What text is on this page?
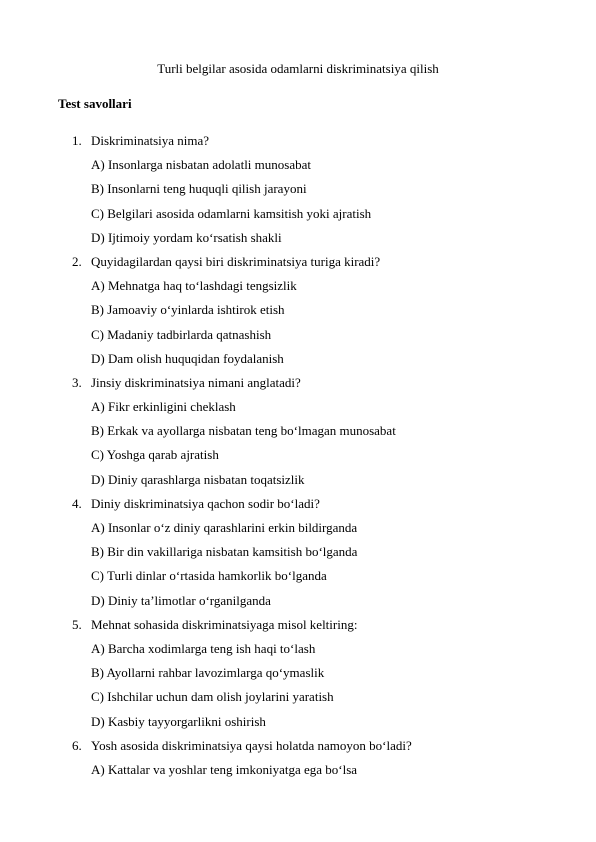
Turli belgilar asosida odamlarni diskriminatsiya qilish
Test savollari
1. Diskriminatsiya nima?
A) Insonlarga nisbatan adolatli munosabat
B) Insonlarni teng huquqli qilish jarayoni
C) Belgilari asosida odamlarni kamsitish yoki ajratish
D) Ijtimoiy yordam ko‘rsatish shakli
2. Quyidagilardan qaysi biri diskriminatsiya turiga kiradi?
A) Mehnatga haq to‘lashdagi tengsizlik
B) Jamoaviy o‘yinlarda ishtirok etish
C) Madaniy tadbirlarda qatnashish
D) Dam olish huquqidan foydalanish
3. Jinsiy diskriminatsiya nimani anglatadi?
A) Fikr erkinligini cheklash
B) Erkak va ayollarga nisbatan teng bo‘lmagan munosabat
C) Yoshga qarab ajratish
D) Diniy qarashlarga nisbatan toqatsizlik
4. Diniy diskriminatsiya qachon sodir bo‘ladi?
A) Insonlar o‘z diniy qarashlarini erkin bildirganda
B) Bir din vakillariga nisbatan kamsitish bo‘lganda
C) Turli dinlar o‘rtasida hamkorlik bo‘lganda
D) Diniy ta’limotlar o‘rganilganda
5. Mehnat sohasida diskriminatsiyaga misol keltiring:
A) Barcha xodimlarga teng ish haqi to‘lash
B) Ayollarni rahbar lavozimlarga qo‘ymaslik
C) Ishchilar uchun dam olish joylarini yaratish
D) Kasbiy tayyorgarlikni oshirish
6. Yosh asosida diskriminatsiya qaysi holatda namoyon bo‘ladi?
A) Kattalar va yoshlar teng imkoniyatga ega bo‘lsa
